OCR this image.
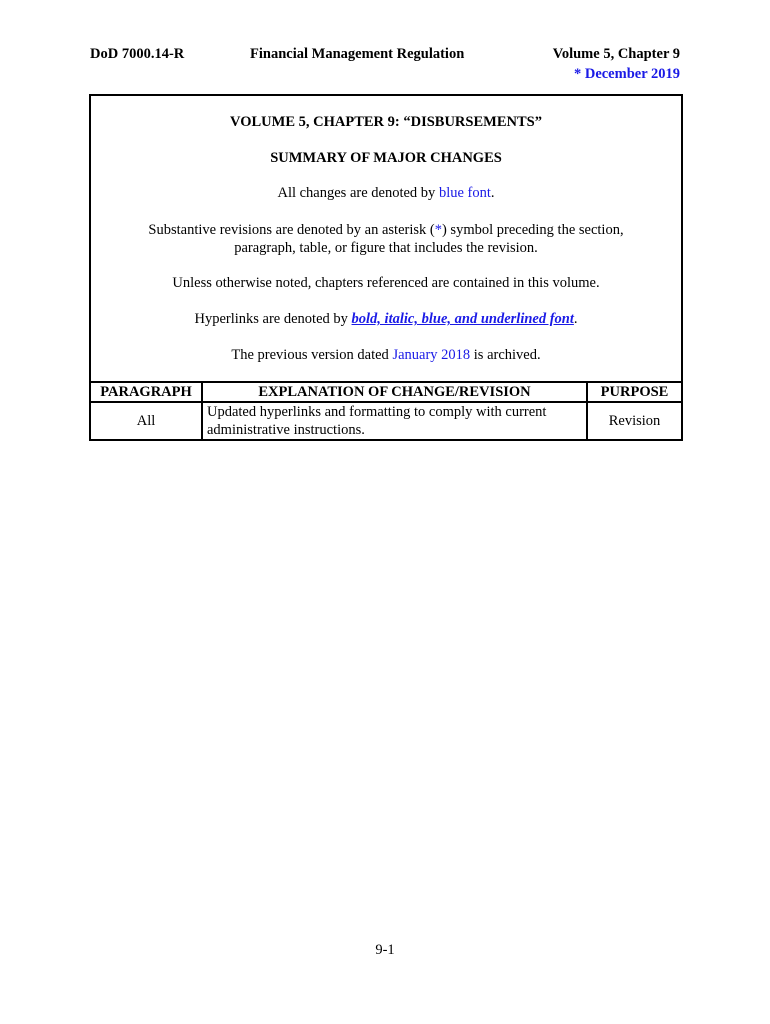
DoD 7000.14-R	Financial Management Regulation	Volume 5, Chapter 9
* December 2019
VOLUME 5, CHAPTER 9: “DISBURSEMENTS”
SUMMARY OF MAJOR CHANGES
All changes are denoted by blue font.
Substantive revisions are denoted by an asterisk (*) symbol preceding the section,
paragraph, table, or figure that includes the revision.
Unless otherwise noted, chapters referenced are contained in this volume.
Hyperlinks are denoted by bold, italic, blue, and underlined font.
The previous version dated January 2018 is archived.
PARAGRAPH	EXPLANATION OF CHANGE/REVISION	PURPOSE
All	Updated hyperlinks and formatting to comply with current administrative instructions.	Revision
9-1
